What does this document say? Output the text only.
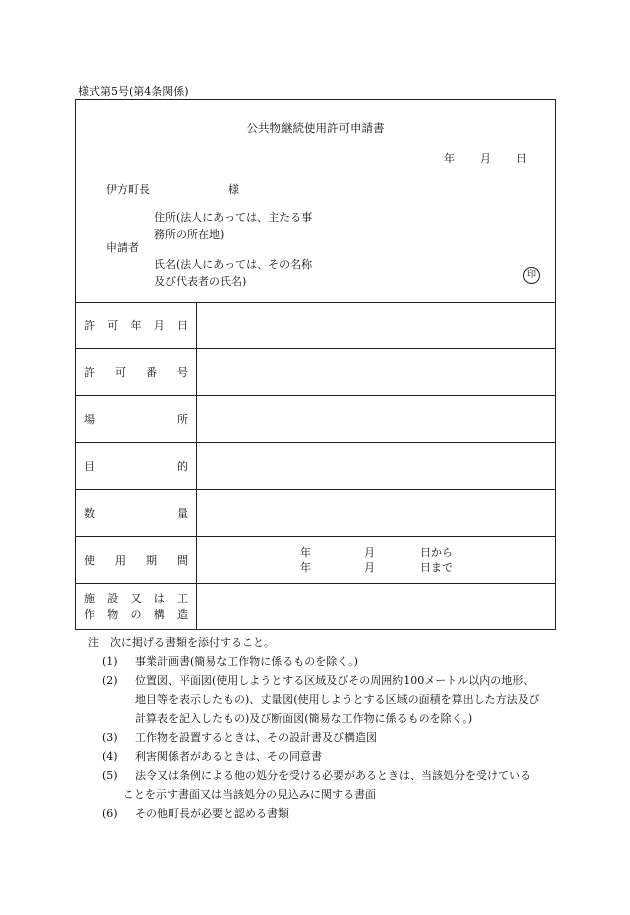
様式第5号(第4条関係)
公共物継続使用許可申請書
年 月 日
伊方町長	様
住所(法人にあっては、主たる事
務所の所在地)
申請者
氏名(法人にあっては、その名称
及び代表者の氏名)	印
許 可 年 月 日
許 可 番 号
場	所
目	的
数	量
使 用 期 間
年	月	日から
年	月	日まで
施 設 又 は 工
作 物 の 構 造
注　次に掲げる書類を添付すること。
(1) 事業計画書(簡易な工作物に係るものを除く。)
(2) 位置図、平面図(使用しようとする区域及びその周囲約100メートル以内の地形、
地目等を表示したもの)、丈量図(使用しようとする区域の面積を算出した方法及び
計算表を記入したもの)及び断面図(簡易な工作物に係るものを除く。)
(3) 工作物を設置するときは、その設計書及び構造図
(4) 利害関係者があるときは、その同意書
(5) 法令又は条例による他の処分を受ける必要があるときは、当該処分を受けている
ことを示す書面又は当該処分の見込みに関する書面
(6) その他町長が必要と認める書類
